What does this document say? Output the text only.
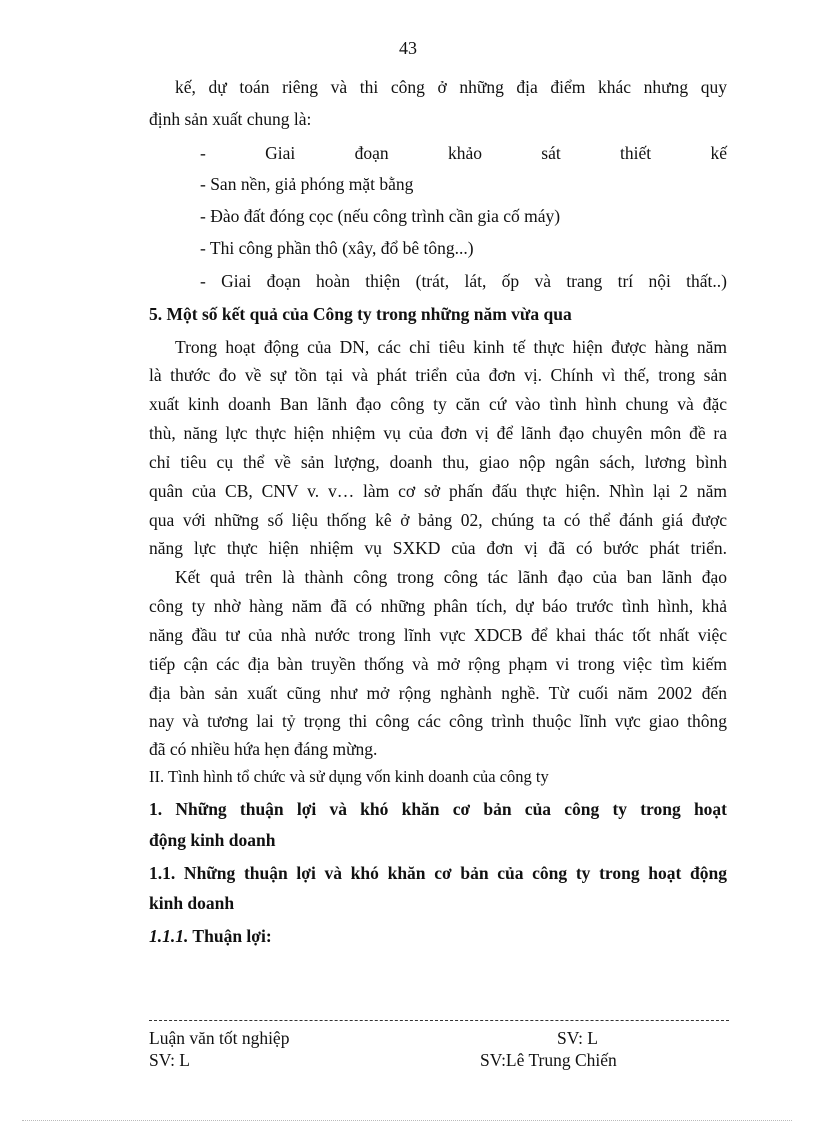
43
kế, dự toán riêng và thi công ở những địa điểm khác nhưng quy
định sản xuất chung là:
-	Giai	đoạn	khảo	sát	thiết	kế
- San nền, giả phóng mặt bằng
- Đào đất đóng cọc (nếu công trình cần gia cố máy)
- Thi công phần thô (xây, đổ bê tông...)
- Giai đoạn hoàn thiện (trát, lát, ốp và trang trí nội thất..)
5. Một số kết quả của Công ty trong những năm vừa qua
Trong hoạt động của DN, các chỉ tiêu kinh tế thực hiện được hàng năm
là thước đo về sự tồn tại và phát triển của đơn vị. Chính vì thế, trong sản
xuất kinh doanh Ban lãnh đạo công ty căn cứ vào tình hình chung và đặc
thù, năng lực thực hiện nhiệm vụ của đơn vị để lãnh đạo chuyên môn đề ra
chỉ tiêu cụ thể về sản lượng, doanh thu, giao nộp ngân sách, lương bình
quân của CB, CNV v. v… làm cơ sở phấn đấu thực hiện. Nhìn lại 2 năm
qua với những số liệu thống kê ở bảng 02, chúng ta có thể đánh giá được
năng lực thực hiện nhiệm vụ SXKD của đơn vị đã có bước phát triển.
Kết quả trên là thành công trong công tác lãnh đạo của ban lãnh đạo
công ty nhờ hàng năm đã có những phân tích, dự báo trước tình hình, khả
năng đầu tư của nhà nước trong lĩnh vực XDCB để khai thác tốt nhất việc
tiếp cận các địa bàn truyền thống và mở rộng phạm vi trong việc tìm kiếm
địa bàn sản xuất cũng như mở rộng nghành nghề. Từ cuối năm 2002 đến
nay và tương lai tỷ trọng thi công các công trình thuộc lĩnh vực giao thông
đã có nhiều hứa hẹn đáng mừng.
II. Tình hình tổ chức và sử dụng vốn kinh doanh của công ty
1. Những thuận lợi và khó khăn cơ bản của công ty trong hoạt
động kinh doanh
1.1. Những thuận lợi và khó khăn cơ bản của công ty trong hoạt động
kinh doanh
1.1.1. Thuận lợi:
Luận văn tốt nghiệp	SV: L
SV: L	SV:Lê Trung Chiến
